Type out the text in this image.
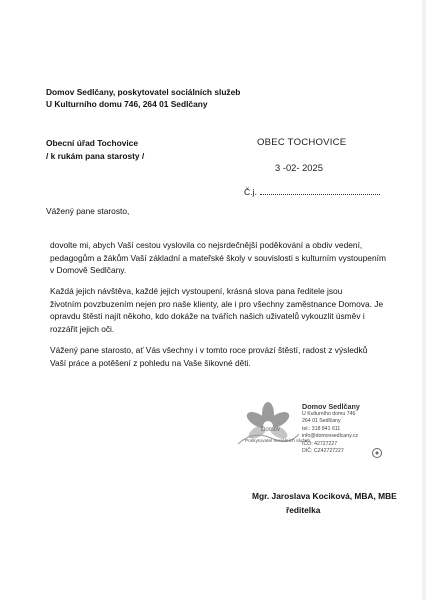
Domov Sedlčany, poskytovatel sociálních služeb
U Kulturního domu 746, 264 01 Sedlčany
Obecní úřad Tochovice
/ k rukám pana starosty /
OBEC TOCHOVICE
3 -02- 2025
Č.j.
Vážený pane starosto,
dovolte mi, abych Vaší cestou vyslovila co nejsrdečnější poděkování a obdiv vedení,
pedagogům a žákům Vaší základní a mateřské školy v souvislosti s kulturním vystoupením
v Domově Sedlčany.
Každá jejich návštěva, každé jejich vystoupení, krásná slova pana ředitele jsou
životním povzbuzením nejen pro naše klienty, ale i pro všechny zaměstnance Domova. Je
opravdu štěstí najít někoho, kdo dokáže na tvářích našich uživatelů vykouzlit úsměv i
rozzářit jejich oči.
Vážený pane starosto, ať Vás všechny i v tomto roce provází štěstí, radost z výsledků
Vaší práce a potěšení z pohledu na Vaše šikovné děti.
Domov
Poskytovatel sociálních služeb
Domov Sedlčany
U Kulturního domu 746
264 01 Sedlčany
tel.: 318 841 611
info@domovsedlcany.cz
IČO: 42727227
DIČ: CZ42727227
Mgr. Jaroslava Kociková, MBA, MBE
ředitelka
